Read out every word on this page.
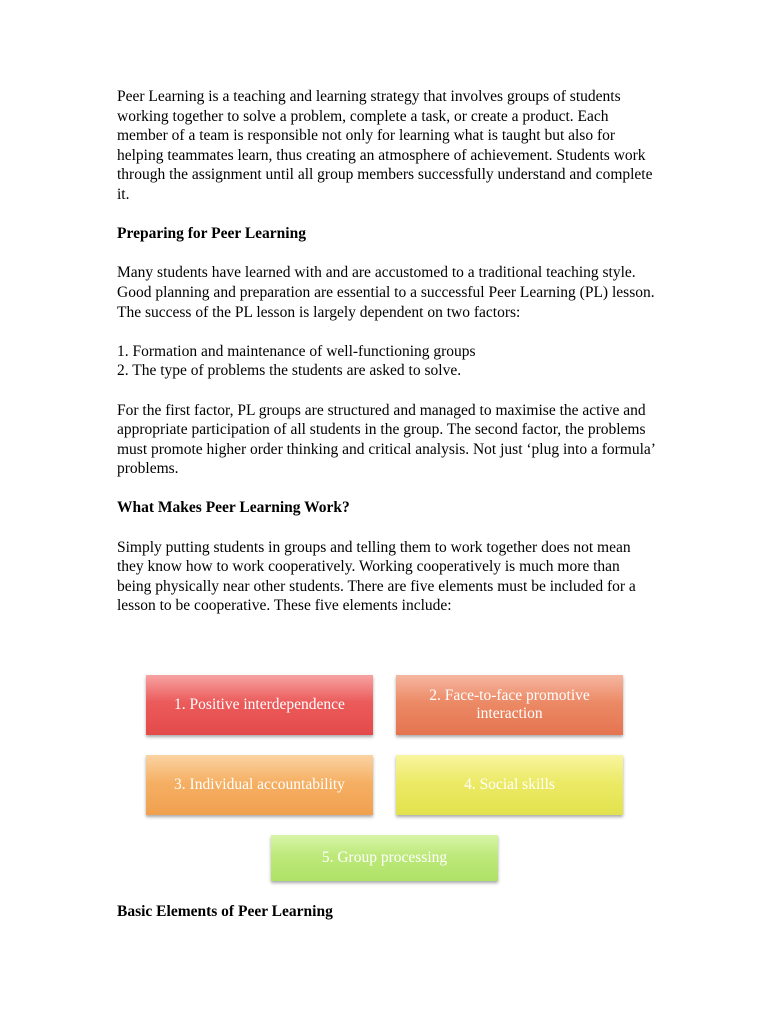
Peer Learning is a teaching and learning strategy that involves groups of students working together to solve a problem, complete a task, or create a product. Each member of a team is responsible not only for learning what is taught but also for helping teammates learn, thus creating an atmosphere of achievement. Students work through the assignment until all group members successfully understand and complete it.

Preparing for Peer Learning

Many students have learned with and are accustomed to a traditional teaching style. Good planning and preparation are essential to a successful Peer Learning (PL) lesson. The success of the PL lesson is largely dependent on two factors:

1. Formation and maintenance of well-functioning groups

2. The type of problems the students are asked to solve.

For the first factor, PL groups are structured and managed to maximise the active and appropriate participation of all students in the group. The second factor, the problems must promote higher order thinking and critical analysis. Not just ‘plug into a formula’ problems.

What Makes Peer Learning Work?

Simply putting students in groups and telling them to work together does not mean they know how to work cooperatively. Working cooperatively is much more than being physically near other students. There are five elements must be included for a lesson to be cooperative. These five elements include:

1. Positive interdependence
2. Face-to-face promotive interaction
3. Individual accountability	4. Social skills
5. Group processing

Basic Elements of Peer Learning
